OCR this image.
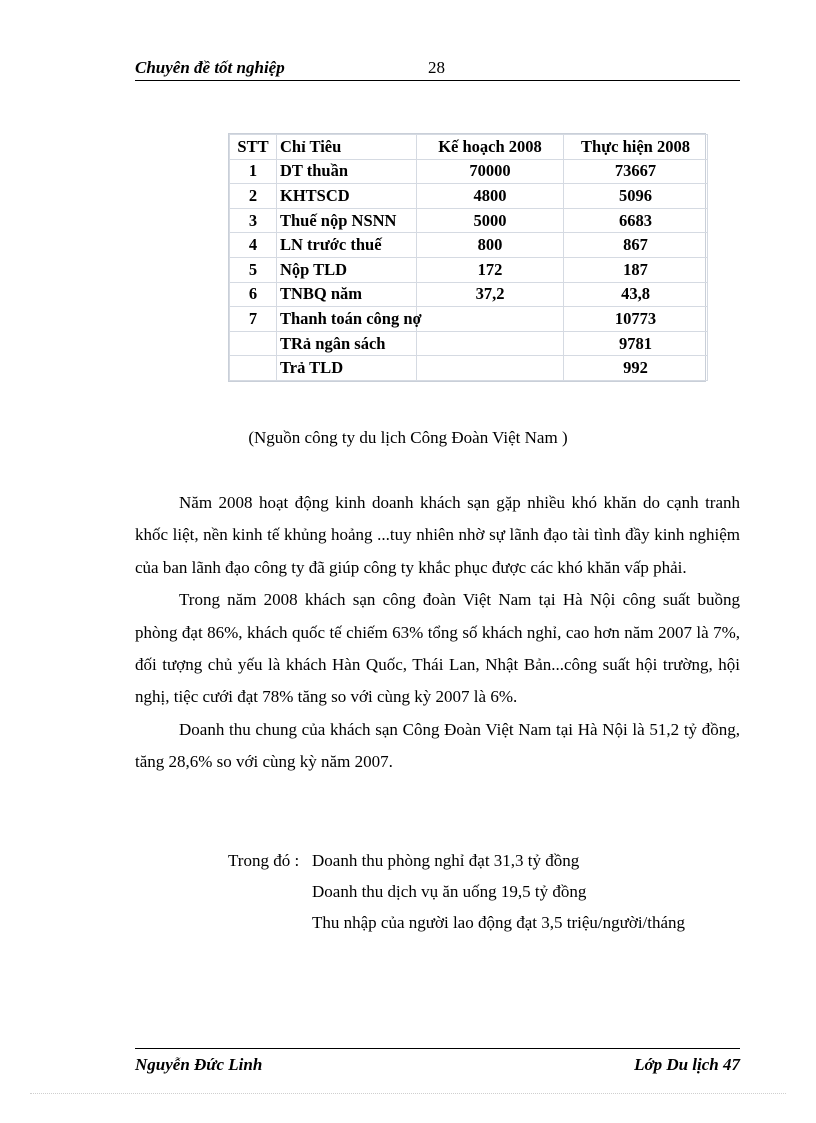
Chuyên đề tốt nghiệp	28
STT	Chỉ Tiêu	Kế hoạch 2008	Thực hiện 2008
1	DT thuần	70000	73667
2	KHTSCD	4800	5096
3	Thuế nộp NSNN	5000	6683
4	LN trước thuế	800	867
5	Nộp TLD	172	187
6	TNBQ năm	37,2	43,8
7	Thanh toán công nợ		10773
	TRả ngân sách		9781
	Trả TLD		992
(Nguồn công ty du lịch Công Đoàn Việt Nam )

Năm 2008 hoạt động kinh doanh khách sạn gặp nhiều khó khăn do cạnh tranh khốc liệt, nền kinh tế khủng hoảng ...tuy nhiên nhờ sự lãnh đạo tài tình đầy kinh nghiệm của ban lãnh đạo công ty đã giúp công ty khắc phục được các khó khăn vấp phải.

Trong năm 2008 khách sạn công đoàn Việt Nam tại Hà Nội công suất buồng phòng đạt 86%, khách quốc tế chiếm 63% tổng số khách nghỉ, cao hơn năm 2007 là 7%, đối tượng chủ yếu là khách Hàn Quốc, Thái Lan, Nhật Bản...công suất hội trường, hội nghị, tiệc cưới đạt 78% tăng so với cùng kỳ 2007 là 6%.

Doanh thu chung của khách sạn Công Đoàn Việt Nam tại Hà Nội là 51,2 tỷ đồng, tăng 28,6% so với cùng kỳ năm 2007.

Trong đó : Doanh thu phòng nghỉ đạt 31,3 tỷ đồng
Doanh thu dịch vụ ăn uống 19,5 tỷ đồng
Thu nhập của người lao động đạt 3,5 triệu/người/tháng
Nguyễn Đức Linh	Lớp Du lịch 47
